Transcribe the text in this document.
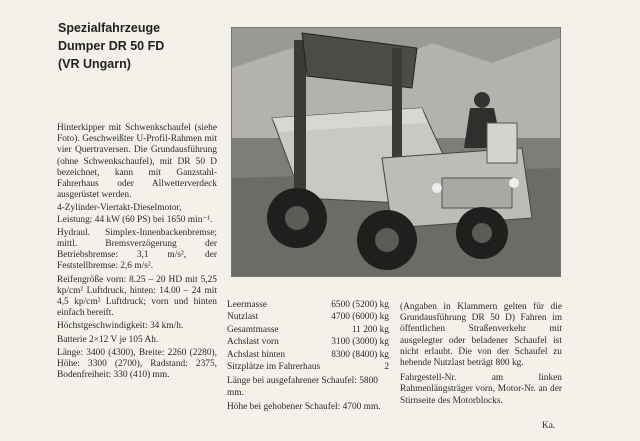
Spezialfahrzeuge
Dumper DR 50 FD
(VR Ungarn)

Hinterkipper mit Schwenkschaufel (siehe Foto). Geschweißter U-Profil-Rahmen mit vier Quertraversen. Die Grundausführung (ohne Schwenkschaufel), mit DR 50 D bezeichnet, kann mit Ganzstahl-Fahrerhaus oder Allwetterverdeck ausgerüstet werden.

4-Zylinder-Viertakt-Dieselmotor, Leistung: 44 kW (60 PS) bei 1650 min⁻¹.

Hydraul. Simplex-Innenbackenbremse; mittl. Bremsverzögerung der Betriebsbremse: 3,1 m/s², der Feststellbremse: 2,6 m/s².

Reifengröße vorn: 8.25 – 20 HD mit 5,25 kp/cm² Luftdruck, hinten: 14.00 – 24 mit 4,5 kp/cm² Luftdruck; vorn und hinten einfach bereift.

Höchstgeschwindigkeit: 34 km/h.

Batterie 2×12 V je 105 Ah.

Länge: 3400 (4300), Breite: 2260 (2280), Höhe: 3300 (2700), Radstand: 2375, Bodenfreiheit: 330 (410) mm.

Leermasse	6500 (5200) kg
Nutzlast	4700 (6000) kg
Gesamtmasse	11 200 kg
Achslast vorn	3100 (3000) kg
Achslast hinten	8300 (8400) kg
Sitzplätze im Fahrerhaus	2

Länge bei ausgefahrener Schaufel: 5800 mm.

Höhe bei gehobener Schaufel: 4700 mm.

(Angaben in Klammern gelten für die Grundausführung DR 50 D) Fahren im öffentlichen Straßenverkehr mit ausgelegter oder beladener Schaufel ist nicht erlaubt. Die von der Schaufel zu hebende Nutzlast beträgt 800 kg.

Fahrgestell-Nr. am linken Rahmenlängsträger vorn, Motor-Nr. an der Stirnseite des Motorblocks.

Ka.
